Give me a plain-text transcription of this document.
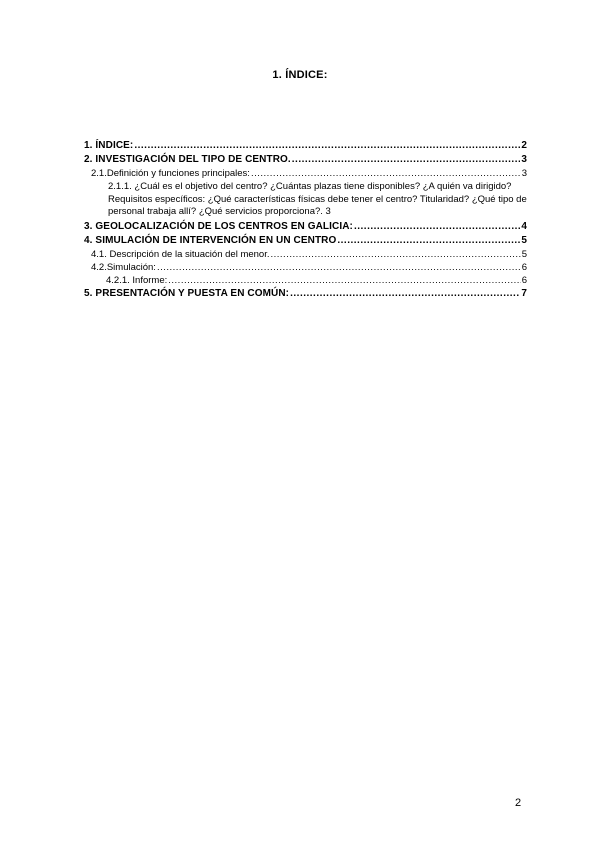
1. ÍNDICE:
1. ÍNDICE: .....	2
2. INVESTIGACIÓN DEL TIPO DE CENTRO. .....	3
2.1.Definición y funciones principales: .....	3
2.1.1. ¿Cuál es el objetivo del centro? ¿Cuántas plazas tiene disponibles? ¿A quién va dirigido? Requisitos específicos: ¿Qué características físicas debe tener el centro? Titularidad? ¿Qué tipo de personal trabaja allí? ¿Qué servicios proporciona?. 3
3. GEOLOCALIZACIÓN DE LOS CENTROS EN GALICIA: .....	4
4. SIMULACIÓN DE INTERVENCIÓN EN UN CENTRO .....	5
4.1. Descripción de la situación del menor. .....	5
4.2.Simulación: .....	6
4.2.1. Informe: .....	6
5. PRESENTACIÓN Y PUESTA EN COMÚN: .....	7
2
